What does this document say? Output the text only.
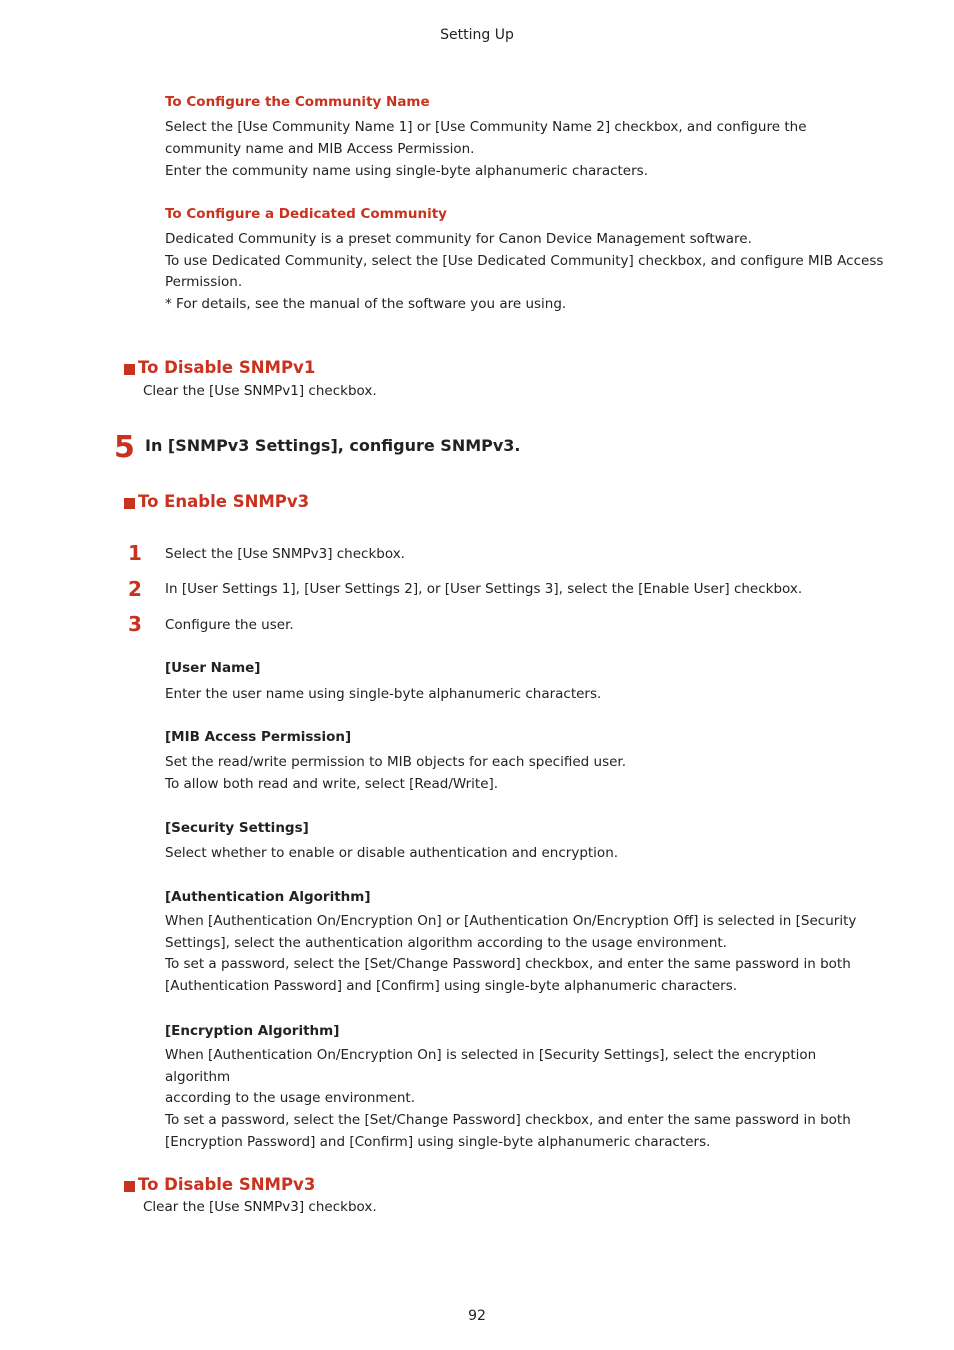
Setting Up
To Configure the Community Name
Select the [Use Community Name 1] or [Use Community Name 2] checkbox, and configure the
community name and MIB Access Permission.
Enter the community name using single-byte alphanumeric characters.
To Configure a Dedicated Community
Dedicated Community is a preset community for Canon Device Management software.
To use Dedicated Community, select the [Use Dedicated Community] checkbox, and configure MIB Access
Permission.
* For details, see the manual of the software you are using.
To Disable SNMPv1
Clear the [Use SNMPv1] checkbox.
5 In [SNMPv3 Settings], configure SNMPv3.
To Enable SNMPv3
1 Select the [Use SNMPv3] checkbox.
2 In [User Settings 1], [User Settings 2], or [User Settings 3], select the [Enable User] checkbox.
3 Configure the user.
[User Name]
Enter the user name using single-byte alphanumeric characters.
[MIB Access Permission]
Set the read/write permission to MIB objects for each specified user.
To allow both read and write, select [Read/Write].
[Security Settings]
Select whether to enable or disable authentication and encryption.
[Authentication Algorithm]
When [Authentication On/Encryption On] or [Authentication On/Encryption Off] is selected in [Security
Settings], select the authentication algorithm according to the usage environment.
To set a password, select the [Set/Change Password] checkbox, and enter the same password in both
[Authentication Password] and [Confirm] using single-byte alphanumeric characters.
[Encryption Algorithm]
When [Authentication On/Encryption On] is selected in [Security Settings], select the encryption algorithm
according to the usage environment.
To set a password, select the [Set/Change Password] checkbox, and enter the same password in both
[Encryption Password] and [Confirm] using single-byte alphanumeric characters.
To Disable SNMPv3
Clear the [Use SNMPv3] checkbox.
92
